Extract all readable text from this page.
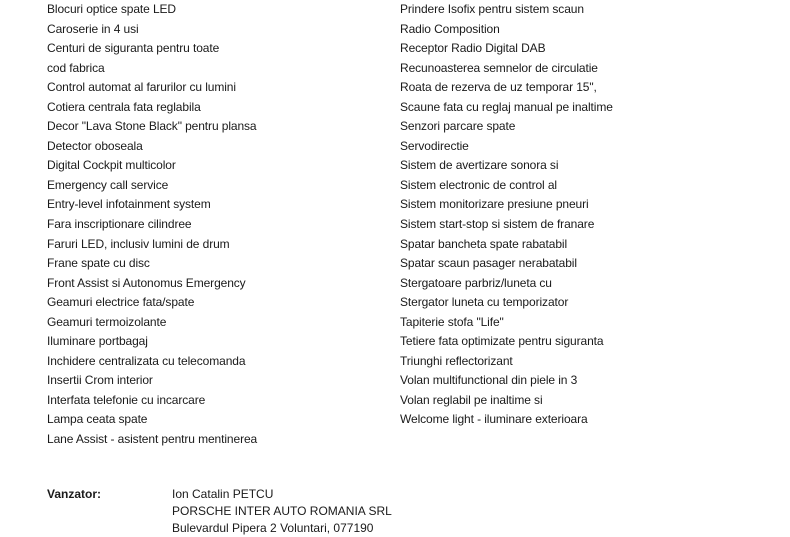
Blocuri optice spate LED
Caroserie in 4 usi
Centuri de siguranta pentru toate
cod fabrica
Control automat al farurilor cu lumini
Cotiera centrala fata reglabila
Decor "Lava Stone Black" pentru plansa
Detector oboseala
Digital Cockpit multicolor
Emergency call service
Entry-level infotainment system
Fara inscriptionare cilindree
Faruri LED, inclusiv lumini de drum
Frane spate cu disc
Front Assist si Autonomus Emergency
Geamuri electrice fata/spate
Geamuri termoizolante
Iluminare portbagaj
Inchidere centralizata cu telecomanda
Insertii Crom interior
Interfata telefonie cu incarcare
Lampa ceata spate
Lane Assist - asistent pentru mentinerea
Prindere Isofix pentru sistem scaun
Radio Composition
Receptor Radio Digital DAB
Recunoasterea semnelor de circulatie
Roata de rezerva de uz temporar 15",
Scaune fata cu reglaj manual pe inaltime
Senzori parcare spate
Servodirectie
Sistem de avertizare sonora si
Sistem electronic de control al
Sistem monitorizare presiune pneuri
Sistem start-stop si sistem de franare
Spatar bancheta spate rabatabil
Spatar scaun pasager nerabatabil
Stergatoare parbriz/luneta cu
Stergator luneta cu temporizator
Tapiterie stofa "Life"
Tetiere fata optimizate pentru siguranta
Triunghi reflectorizant
Volan multifunctional din piele in 3
Volan reglabil pe inaltime si
Welcome light - iluminare exterioara
Vanzator:	Ion Catalin PETCU
PORSCHE INTER AUTO ROMANIA SRL
Bulevardul Pipera 2 Voluntari, 077190
